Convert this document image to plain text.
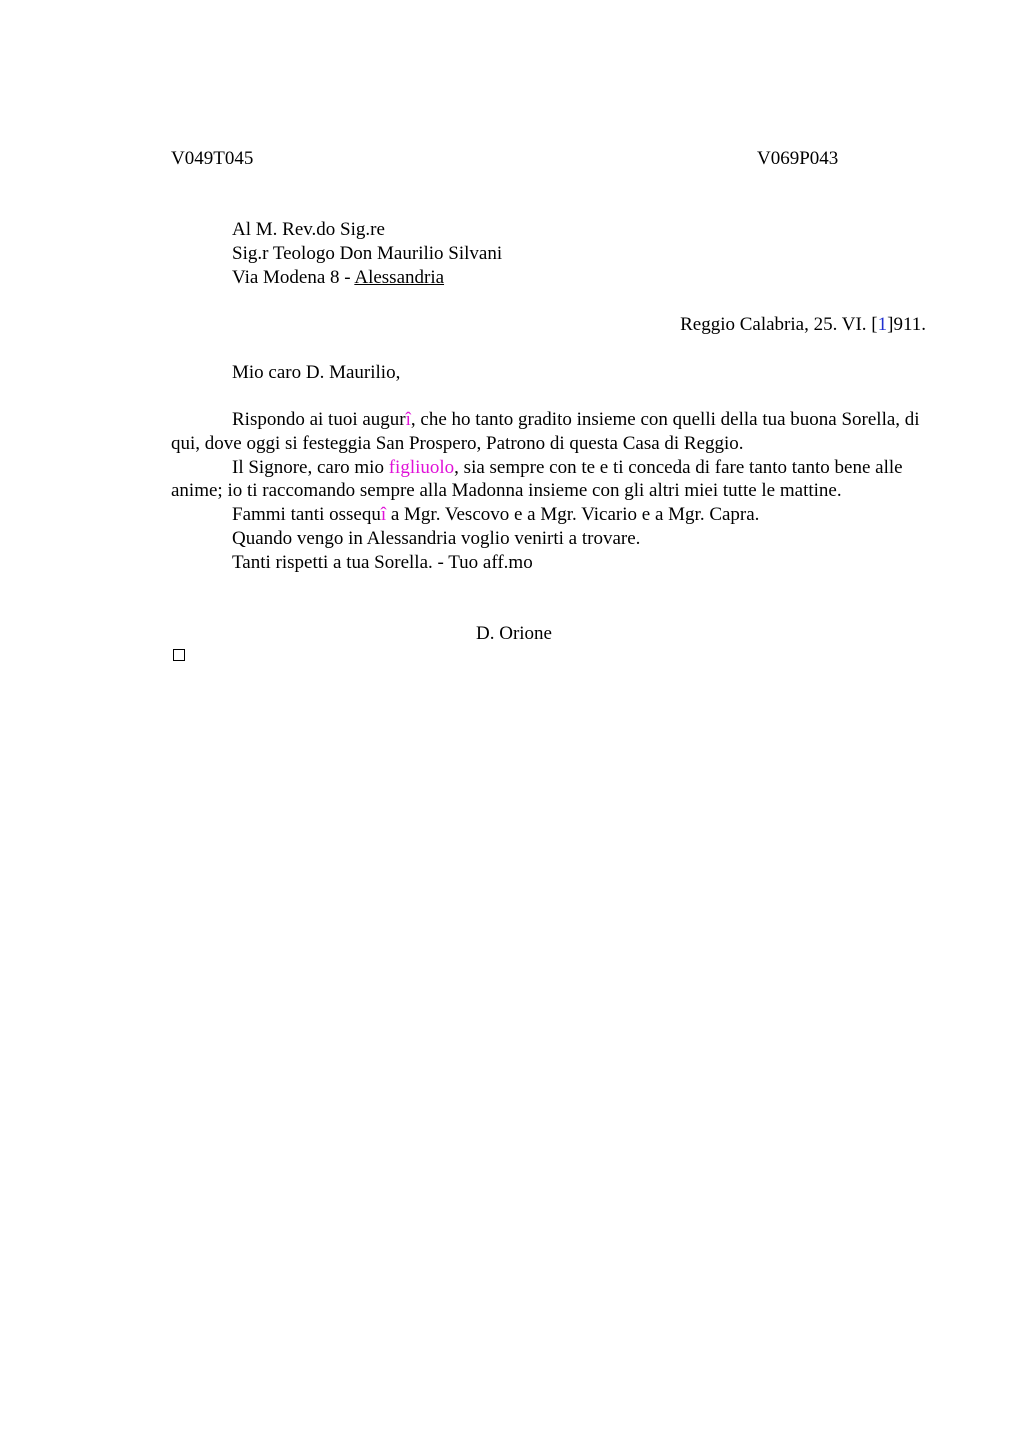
V049T045	V069P043
Al M. Rev.do Sig.re
Sig.r Teologo Don Maurilio Silvani
Via Modena 8 - Alessandria
Reggio Calabria, 25. VI. [1]911.
Mio caro D. Maurilio,

Rispondo ai tuoi augurî, che ho tanto gradito insieme con quelli della tua buona Sorella, di qui, dove oggi si festeggia San Prospero, Patrono di questa Casa di Reggio.

Il Signore, caro mio figliuolo, sia sempre con te e ti conceda di fare tanto tanto bene alle anime; io ti raccomando sempre alla Madonna insieme con gli altri miei tutte le mattine.

Fammi tanti ossequî a Mgr. Vescovo e a Mgr. Vicario e a Mgr. Capra.

Quando vengo in Alessandria voglio venirti a trovare.

Tanti rispetti a tua Sorella. - Tuo aff.mo

D. Orione
